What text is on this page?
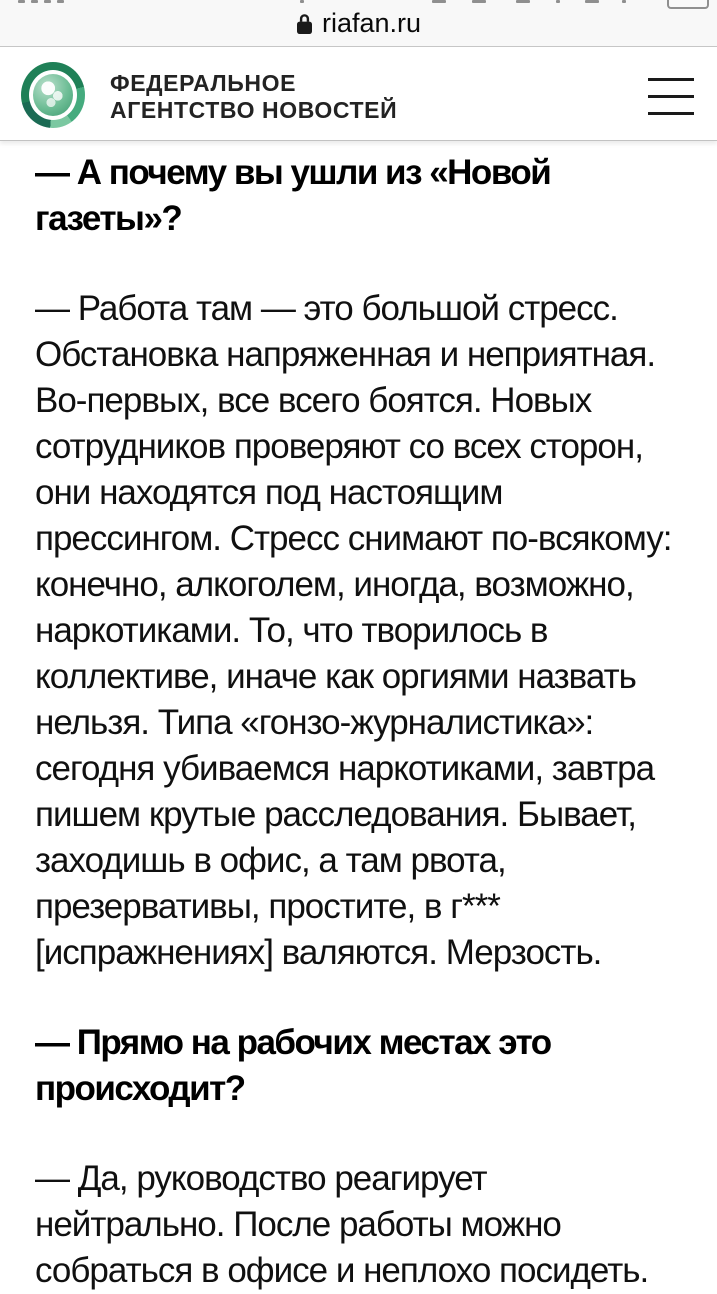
riafan.ru
ФЕДЕРАЛЬНОЕ
АГЕНТСТВО НОВОСТЕЙ

— А почему вы ушли из «Новой газеты»?

— Работа там — это большой стресс. Обстановка напряженная и неприятная. Во-первых, все всего боятся. Новых сотрудников проверяют со всех сторон, они находятся под настоящим прессингом. Стресс снимают по-всякому: конечно, алкоголем, иногда, возможно, наркотиками. То, что творилось в коллективе, иначе как оргиями назвать нельзя. Типа «гонзо-журналистика»: сегодня убиваемся наркотиками, завтра пишем крутые расследования. Бывает, заходишь в офис, а там рвота, презервативы, простите, в г*** [испражнениях] валяются. Мерзость.

— Прямо на рабочих местах это происходит?

— Да, руководство реагирует нейтрально. После работы можно собраться в офисе и неплохо посидеть.
